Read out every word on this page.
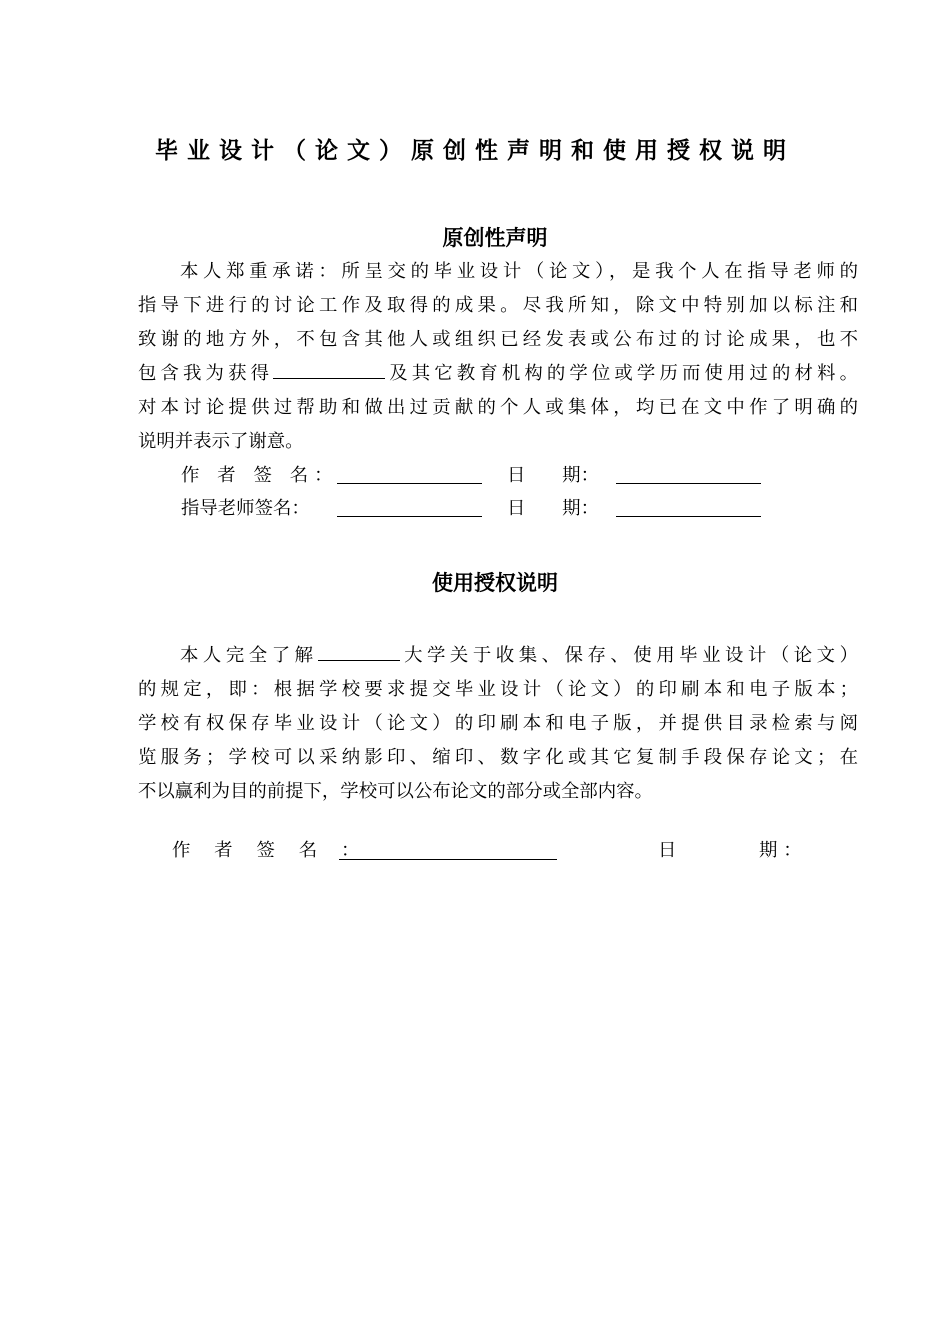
毕业设计（论文）原创性声明和使用授权说明
原创性声明
本人郑重承诺：所呈交的毕业设计（论文），是我个人在指导老师的
指导下进行的讨论工作及取得的成果。尽我所知，除文中特别加以标注和
致谢的地方外，不包含其他人或组织已经发表或公布过的讨论成果，也不
包含我为获得	及其它教育机构的学位或学历而使用过的材料。
对本讨论提供过帮助和做出过贡献的个人或集体，均已在文中作了明确的
说明并表示了谢意。
作 者 签 名：	日　　期：
指导老师签名：	日　　期：
使用授权说明
本人完全了解	大学关于收集、保存、使用毕业设计（论文）
的规定，即：根据学校要求提交毕业设计（论文）的印刷本和电子版本；
学校有权保存毕业设计（论文）的印刷本和电子版，并提供目录检索与阅
览服务；学校可以采纳影印、缩印、数字化或其它复制手段保存论文；在
不以赢利为目的前提下，学校可以公布论文的部分或全部内容。
作 者 签 名 ：	日	期 ：
